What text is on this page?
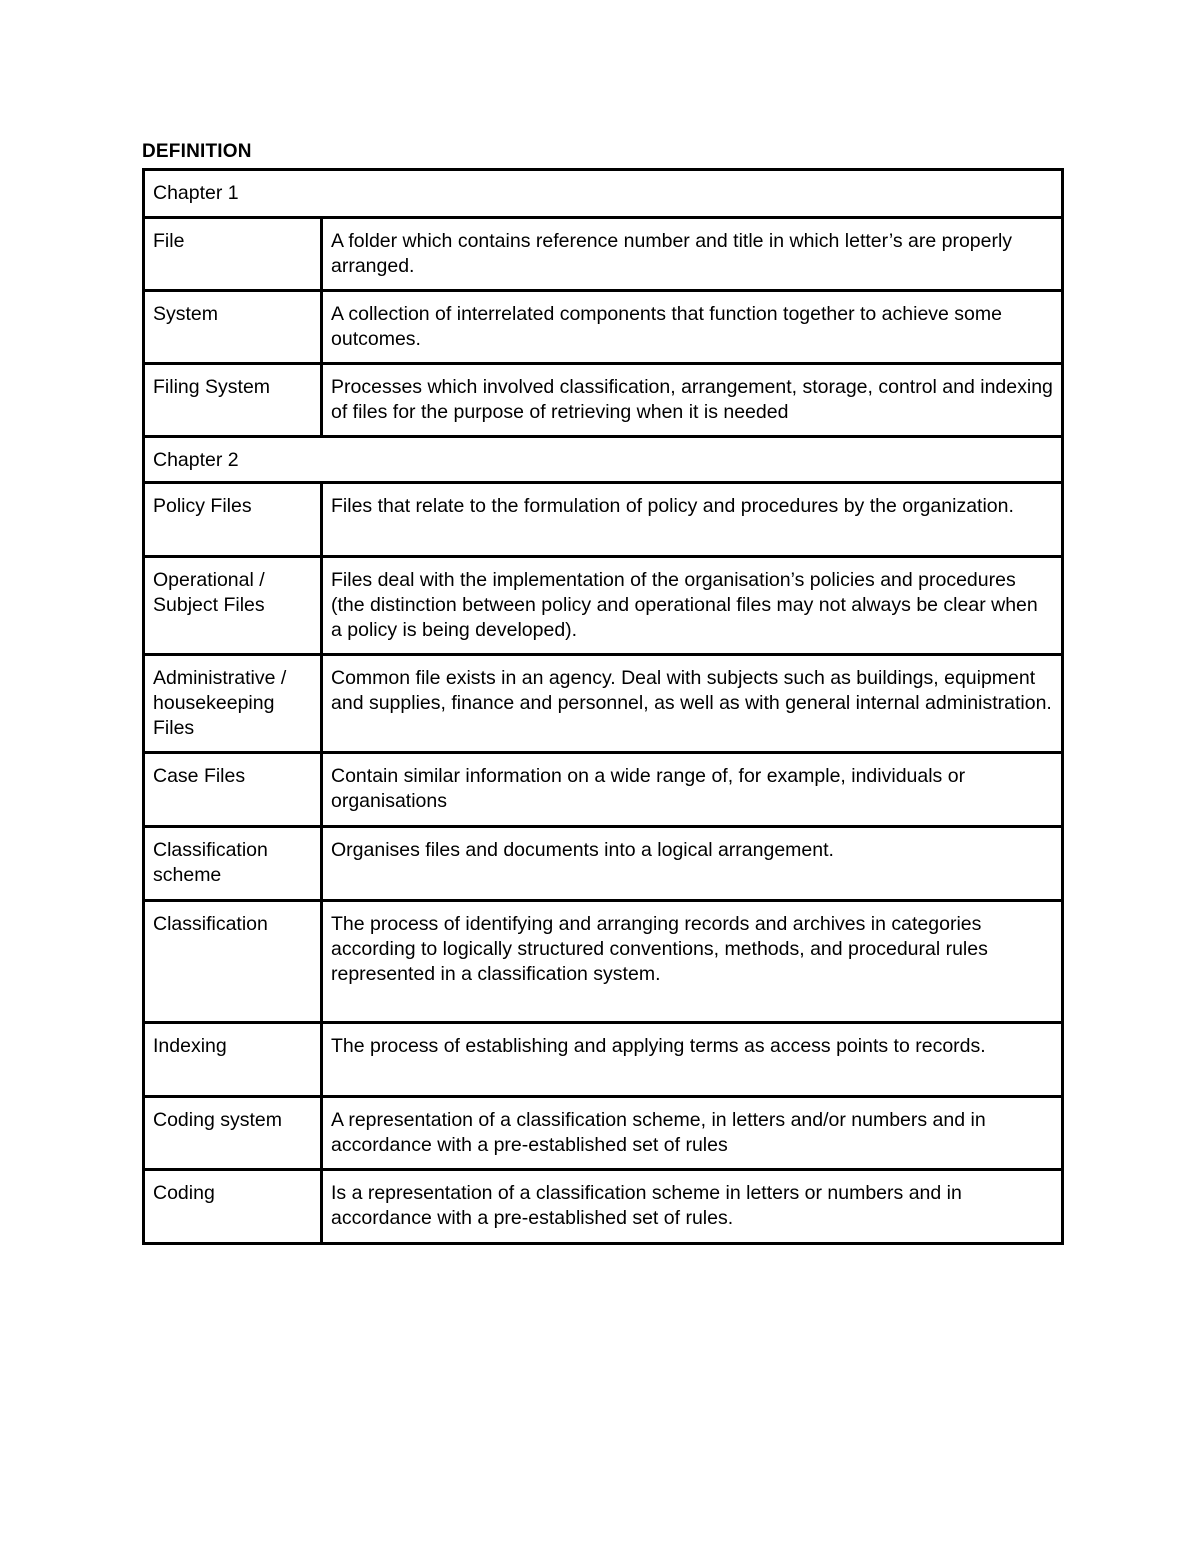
DEFINITION
Chapter 1	
File	A folder which contains reference number and title in which letter’s are properly arranged.
System	A collection of interrelated components that function together to achieve some outcomes.
Filing System	Processes which involved classification, arrangement, storage, control and indexing of files for the purpose of retrieving when it is needed
Chapter 2	
Policy Files	Files that relate to the formulation of policy and procedures by the organization.
Operational / Subject Files	Files deal with the implementation of the organisation’s policies and procedures (the distinction between policy and operational files may not always be clear when a policy is being developed).
Administrative / housekeeping Files	Common file exists in an agency. Deal with subjects such as buildings, equipment and supplies, finance and personnel, as well as with general internal administration.
Case Files	Contain similar information on a wide range of, for example, individuals or organisations
Classification scheme	Organises files and documents into a logical arrangement.
Classification	The process of identifying and arranging records and archives in categories according to logically structured conventions, methods, and procedural rules represented in a classification system.
Indexing	The process of establishing and applying terms as access points to records.
Coding system	A representation of a classification scheme, in letters and/or numbers and in accordance with a pre-established set of rules
Coding	Is a representation of a classification scheme in letters or numbers and in accordance with a pre-established set of rules.
